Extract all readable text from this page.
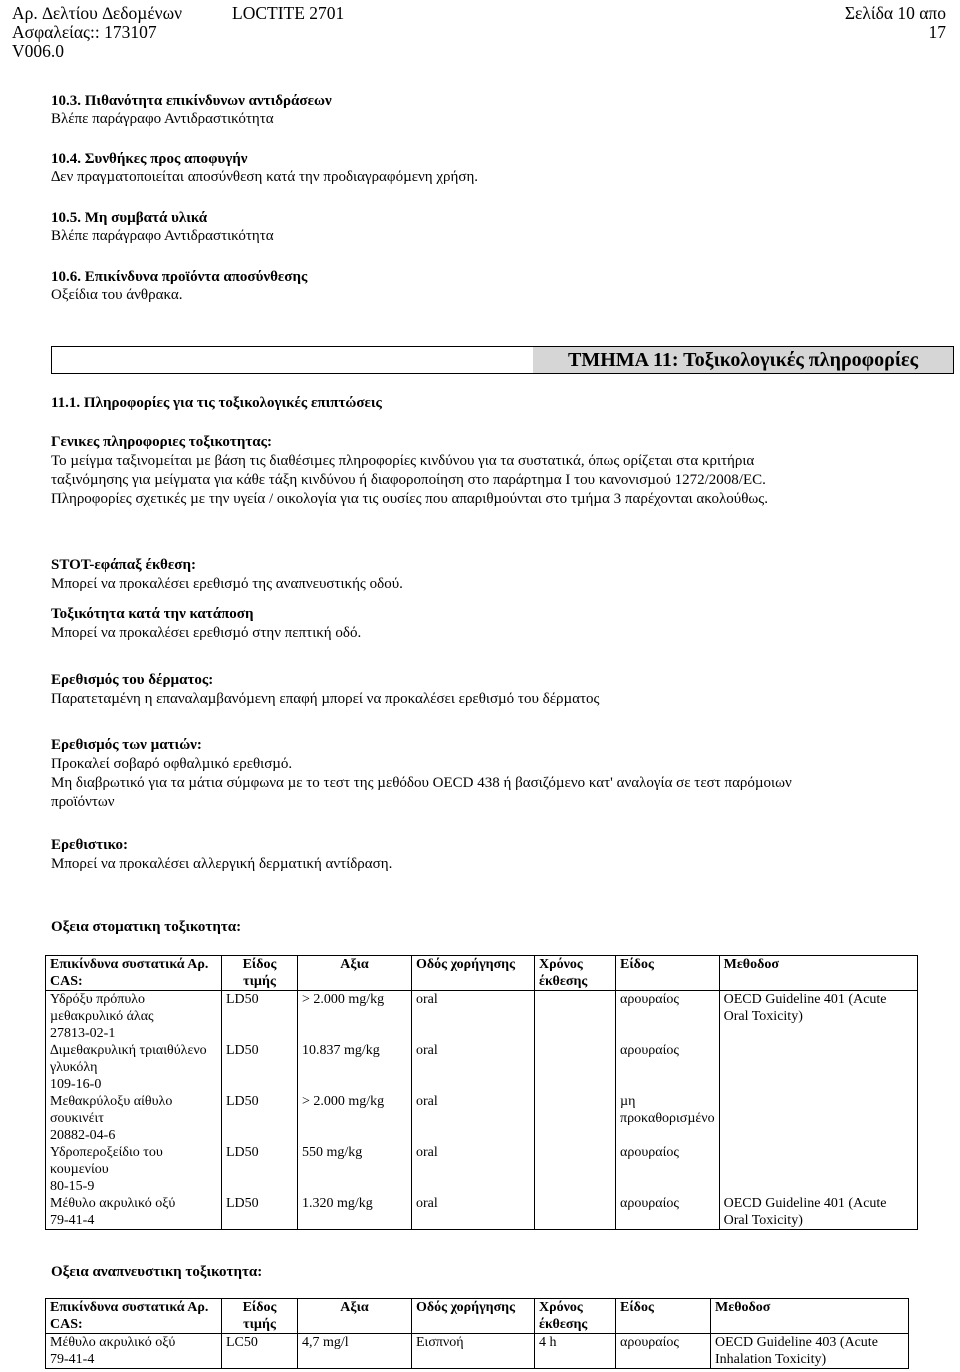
Αρ. ∆ελτίου ∆εδοµένων
Ασφαλείας:: 173107
V006.0
LOCTITE 2701	Σελίδα 10 απο
17
10.3. Πιθανότητα επικίνδυνων αντιδράσεων
Βλέπε παράγραφο Αντιδραστικότητα
10.4. Συνθήκες προς αποφυγήν
∆εν πραγµατοποιείται αποσύνθεση κατά την προδιαγραφόµενη χρήση.
10.5. Μη συµβατά υλικά
Βλέπε παράγραφο Αντιδραστικότητα
10.6. Επικίνδυνα προϊόντα αποσύνθεσης
Οξείδια του άνθρακα.
ΤΜΗΜΑ 11: Τοξικολογικές πληροφορίες
11.1. Πληροφορίες για τις τοξικολογικές επιπτώσεις
Γενικες πληροφοριες τοξικοτητας:
Το µείγµα ταξινοµείται µε βάση τις διαθέσιµες πληροφορίες κινδύνου για τα συστατικά, όπως ορίζεται στα κριτήρια
ταξινόµησης για µείγµατα για κάθε τάξη κινδύνου ή διαφοροποίηση στο παράρτηµα I του κανονισµού 1272/2008/EC.
Πληροφορίες σχετικές µε την υγεία / οικολογία για τις ουσίες που απαριθµούνται στο τµήµα 3 παρέχονται ακολούθως.
STOT-εφάπαξ έκθεση:
Μπορεί να προκαλέσει ερεθισµό της αναπνευστικής οδού.
Τοξικότητα κατά την κατάποση
Μπορεί να προκαλέσει ερεθισµό στην πεπτική οδό.
Ερεθισµός του δέρµατος:
Παρατεταµένη η επαναλαµβανόµενη επαφή µπορεί να προκαλέσει ερεθισµό του δέρµατος
Ερεθισµός των µατιών:
Προκαλεί σοβαρό οφθαλµικό ερεθισµό.
Μη διαβρωτικό για τα µάτια σύµφωνα µε το τεστ της µεθόδου OECD 438 ή βασιζόµενο κατ' αναλογία σε τεστ παρόµοιων
προϊόντων
Ερεθιστικο:
Μπορεί να προκαλέσει αλλεργική δερµατική αντίδραση.
Οξεια στοµατικη τοξικοτητα:
Επικίνδυνα συστατικά Αρ. CAS:	Είδος τιµής	Αξια	Οδός χορήγησης	Χρόνος έκθεσης	Είδος	Μεθοδοσ

Υδρόξυ πρόπυλο µεθακρυλικό άλας
27813-02-1	LD50	> 2.000 mg/kg	oral		αρουραίος	OECD Guideline 401 (Acute Oral Toxicity)

∆ιµεθακρυλική τριαιθύλενο γλυκόλη
109-16-0	LD50	10.837 mg/kg	oral		αρουραίος	

Μεθακρύλοξυ αίθυλο σουκινέιτ
20882-04-6	LD50	> 2.000 mg/kg	oral		µη προκαθορισµένο	

Υδροπεροξείδιο του κουµενίου
80-15-9	LD50	550 mg/kg	oral		αρουραίος	

Μέθυλο ακρυλικό οξύ
79-41-4	LD50	1.320 mg/kg	oral		αρουραίος	OECD Guideline 401 (Acute Oral Toxicity)
Οξεια αναπνευστικη τοξικοτητα:
Επικίνδυνα συστατικά Αρ. CAS:	Είδος τιµής	Αξια	Οδός χορήγησης	Χρόνος έκθεσης	Είδος	Μεθοδοσ

Μέθυλο ακρυλικό οξύ
79-41-4	LC50	4,7 mg/l	Εισπνοή	4 h	αρουραίος	OECD Guideline 403 (Acute Inhalation Toxicity)
